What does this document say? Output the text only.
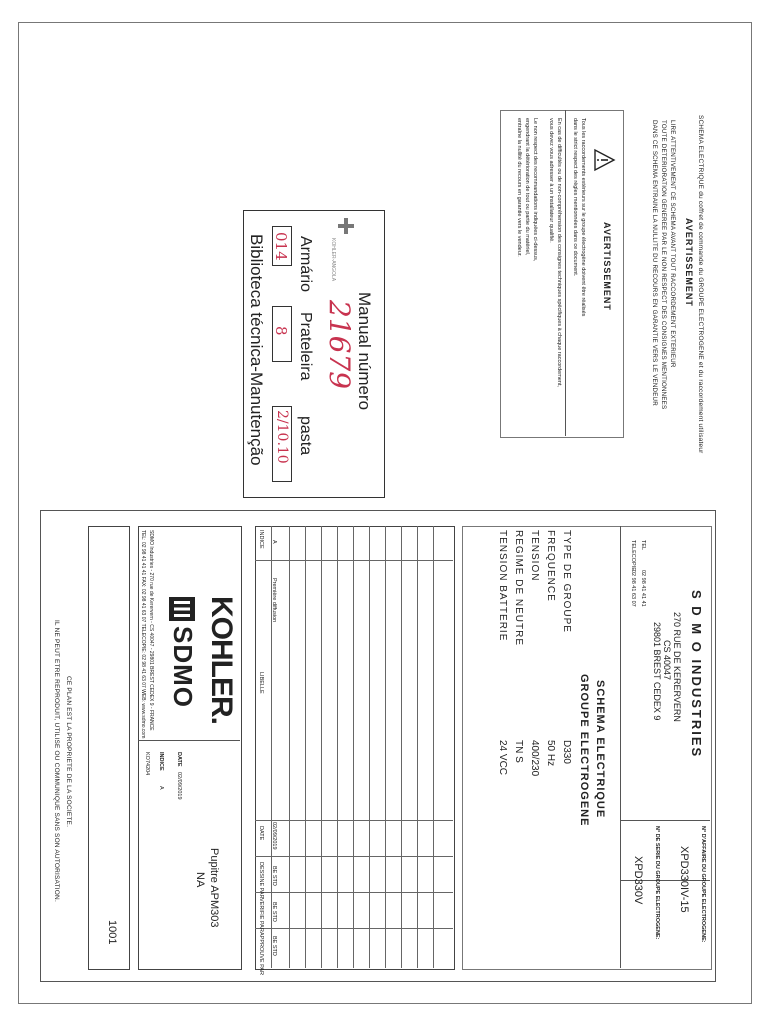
SCHEMA ELECTRIQUE du coffret de commande du GROUPE ELECTROGENE et du raccordement utilisateur
AVERTISSEMENT
LIRE ATTENTIVEMENT CE SCHEMA AVANT TOUT RACCORDEMENT EXTERIEUR
TOUTE DETERIORATION GENEREE PAR LE NON RESPECT DES CONSIGNES MENTIONNEES
DANS CE SCHEMA ENTRAINE LA NULLITE DU RECOURS EN GARANTIE VERS LE VENDEUR
AVERTISSEMENT
Tous les raccordements extérieurs sur le groupe électrogène doivent être réalisés
dans le strict respect des règles mentionnées dans ce document.
En cas de difficultés ou de non-compréhension des consignes techniques spécifiques à chaque raccordement,
vous devez vous adresser à un installateur qualifié.
Le non respect des recommandations indiquées ci-dessus,
engendrant la détérioration de tout ou partie du matériel,
entraîne la nullité du recours en garantie vers le vendeur.
KOHLER-ANGOLA
Manual número
21679
Armário
Prateleira
pasta
014
8
2/10.10
Biblioteca técnica-Manutenção
S D M O INDUSTRIES
270 RUE DE KERERVERN
CS 40047
29801 BREST CEDEX 9
TEL
02 98 41 41 41
TELECOPIE
02 98 41 63 07
N° D'AFFAIRE DU GROUPE ELECTROGENE:
XPD330IV-15
N° DE SERIE DU GROUPE ELECTROGENE:
XPD330V
SCHEMA ELECTRIQUE
GROUPE ELECTROGENE
TYPE DE GROUPE
D330
FREQUENCE
50 Hz
TENSION
400/230
REGIME DE NEUTRE
TN S
TENSION BATTERIE
24 VCC
INDICE
LIBELLE
DATE
DESSINE PAR
VERIFIE PAR
APPROUVE PAR
A
Première diffusion
02/09/2019
BE STD
BE STD
BE STD
KOHLER.
SDMO
SDMO Industries - 270 rue de Kerervern - CS 40047 - 29801 BREST CEDEX 9 - FRANCE
TEL: 02 98 41 41 41 FAX: 02 98 41 63 07 TELECOPIE: 02 98 41 63 07 WEB: www.sdmo.com
Pupitre APM303
NA
DATE
02/09/2019
INDICE
A
KO74204
1001
CE PLAN EST LA PROPRIETE DE LA SOCIETE.
IL NE PEUT ETRE REPRODUIT, UTILISE OU COMMUNIQUE SANS SON AUTORISATION.
